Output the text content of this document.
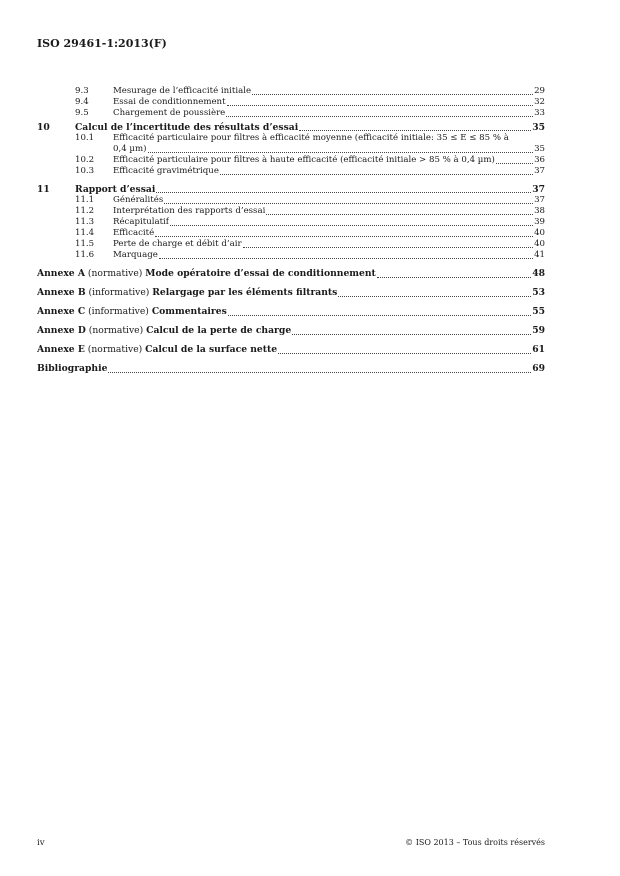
ISO 29461-1:2013(F)
9.3	Mesurage de l’efficacité initiale	29
9.4	Essai de conditionnement	32
9.5	Chargement de poussière	33
10	Calcul de l’incertitude des résultats d’essai	35
10.1	Efficacité particulaire pour filtres à efficacité moyenne (efficacité initiale: 35 ≤ E ≤ 85 % à
0,4 µm)	35
10.2	Efficacité particulaire pour filtres à haute efficacité (efficacité initiale > 85 % à 0,4 µm)	36
10.3	Efficacité gravimétrique	37
11	Rapport d’essai	37
11.1	Généralités	37
11.2	Interprétation des rapports d’essai	38
11.3	Récapitulatif	39
11.4	Efficacité	40
11.5	Perte de charge et débit d’air	40
11.6	Marquage	41
Annexe A (normative) Mode opératoire d’essai de conditionnement	48
Annexe B (informative) Relargage par les éléments filtrants	53
Annexe C (informative) Commentaires	55
Annexe D (normative) Calcul de la perte de charge	59
Annexe E (normative) Calcul de la surface nette	61
Bibliographie	69
iv	© ISO 2013 – Tous droits réservés
